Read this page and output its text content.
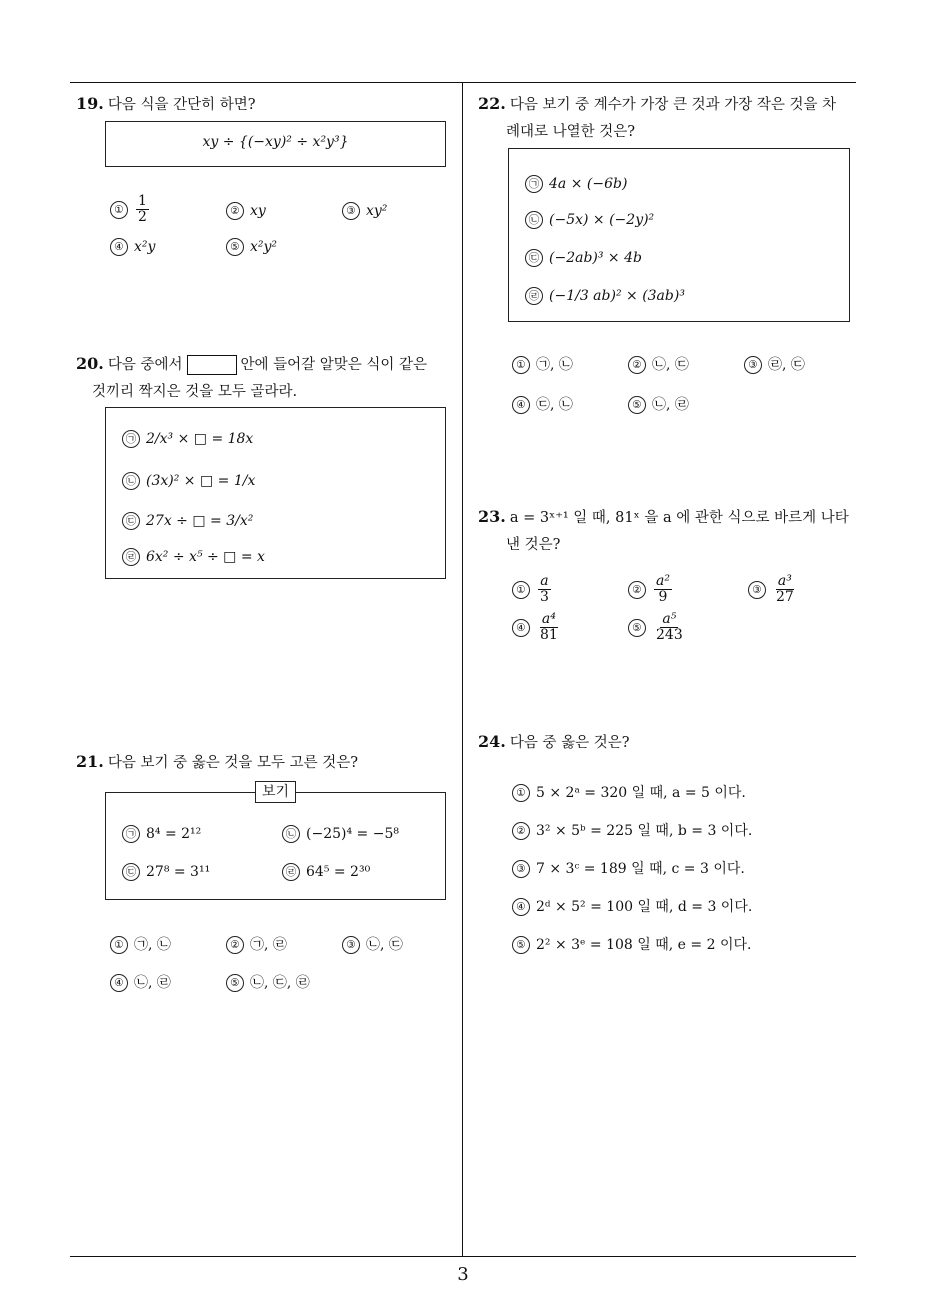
19. 다음 식을 간단히 하면?
xy ÷ {(−xy)² ÷ x²y³}
① $\frac{1}{2}$	② xy	③ xy²
④ x²y	⑤ x²y²
20. 다음 중에서	안에 들어갈 알맞은 식이 같은
것끼리 짝지은 것을 모두 골라라.
㉠ 2/x³ × □ = 18x
㉡ (3x)² × □ = 1/x
㉢ 27x ÷ □ = 3/x²
㉣ 6x² ÷ x⁵ ÷ □ = x
21. 다음 보기 중 옳은 것을 모두 고른 것은?
㉠ 8⁴ = 2¹²	㉡ (−25)⁴ = −5⁸
㉢ 27⁸ = 3¹¹	㉣ 64⁵ = 2³⁰
보기
① ㉠, ㉡	② ㉠, ㉣	③ ㉡, ㉢
④ ㉡, ㉣	⑤ ㉡, ㉢, ㉣
22. 다음 보기 중 계수가 가장 큰 것과 가장 작은 것을 차
례대로 나열한 것은?
㉠ 4a × (−6b)
㉡ (−5x) × (−2y)²
㉢ (−2ab)³ × 4b
㉣ (−1/3 ab)² × (3ab)³
① ㉠, ㉡	② ㉡, ㉢	③ ㉣, ㉢
④ ㉢, ㉡	⑤ ㉡, ㉣
23. a = 3ˣ⁺¹ 일 때, 81ˣ 을 a 에 관한 식으로 바르게 나타
낸 것은?
① $\frac{a}{3}$	② $\frac{\text{a²}}{9}$	③ $\frac{\text{a³}}{27}$
④ $\frac{\text{a⁴}}{81}$	⑤ $\frac{\text{a⁵}}{243}$
24. 다음 중 옳은 것은?
① 5 × 2ᵃ = 320 일 때, a = 5 이다.
② 3² × 5ᵇ = 225 일 때, b = 3 이다.
③ 7 × 3ᶜ = 189 일 때, c = 3 이다.
④ 2ᵈ × 5² = 100 일 때, d = 3 이다.
⑤ 2² × 3ᵉ = 108 일 때, e = 2 이다.
3
